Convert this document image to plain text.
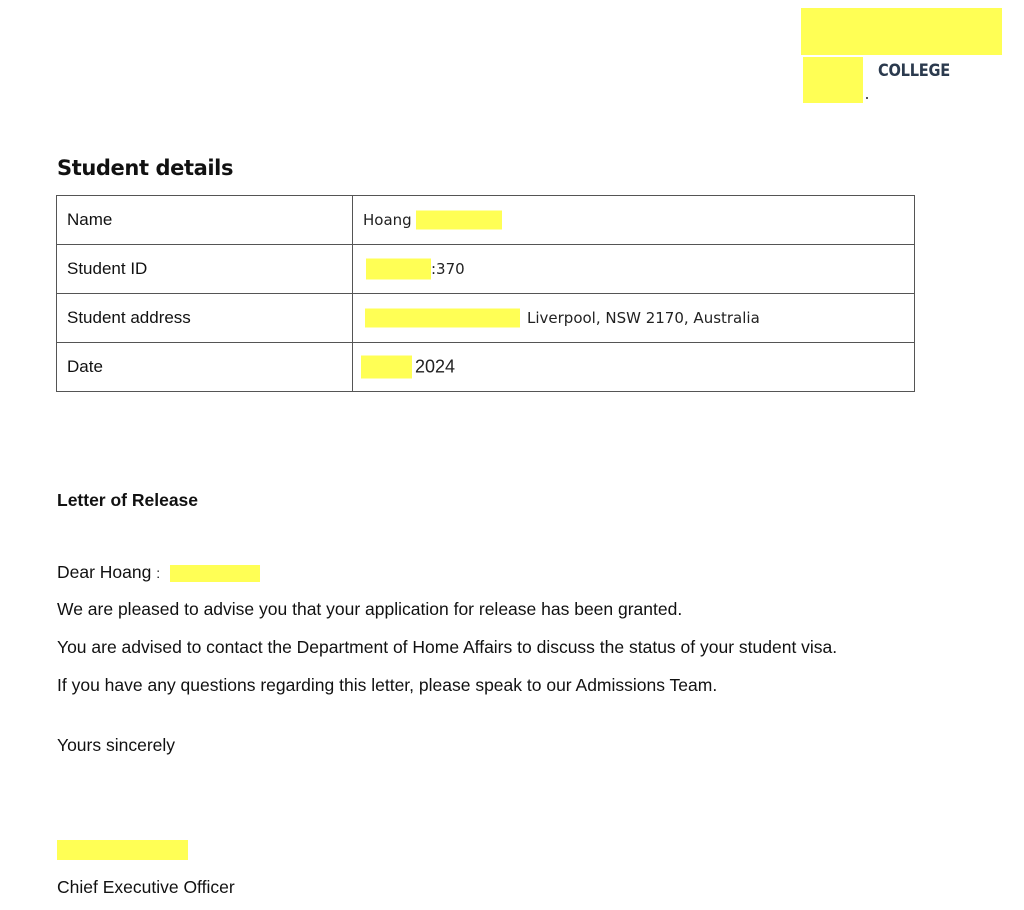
COLLEGE
Student details
Name	Hoang

Student ID	:370

Student address	Liverpool, NSW 2170, Australia

Date	2024
Letter of Release
Dear Hoang :
We are pleased to advise you that your application for release has been granted.
You are advised to contact the Department of Home Affairs to discuss the status of your student visa.
If you have any questions regarding this letter, please speak to our Admissions Team.
Yours sincerely
Chief Executive Officer
